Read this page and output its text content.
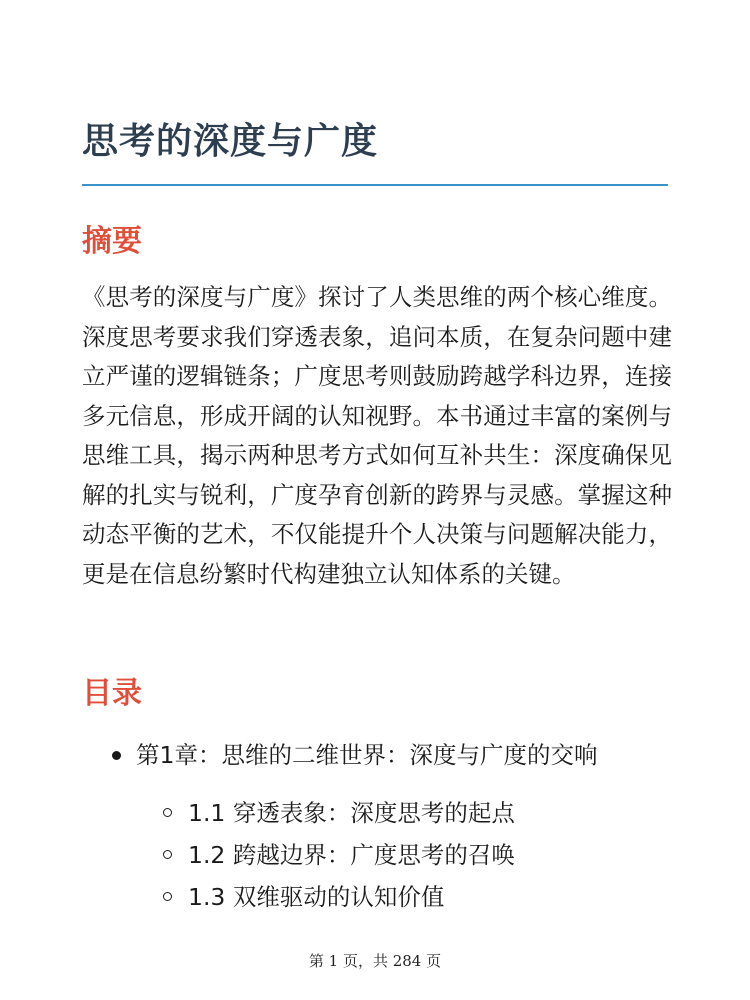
思考的深度与广度
摘要

《思考的深度与广度》探讨了人类思维的两个核心维度。深度思考要求我们穿透表象，追问本质，在复杂问题中建立严谨的逻辑链条；广度思考则鼓励跨越学科边界，连接多元信息，形成开阔的认知视野。本书通过丰富的案例与思维工具，揭示两种思考方式如何互补共生：深度确保见解的扎实与锐利，广度孕育创新的跨界与灵感。掌握这种动态平衡的艺术，不仅能提升个人决策与问题解决能力，更是在信息纷繁时代构建独立认知体系的关键。

目录
第1章：思维的二维世界：深度与广度的交响
1.1 穿透表象：深度思考的起点
1.2 跨越边界：广度思考的召唤
1.3 双维驱动的认知价值
第 1 页，共 284 页
